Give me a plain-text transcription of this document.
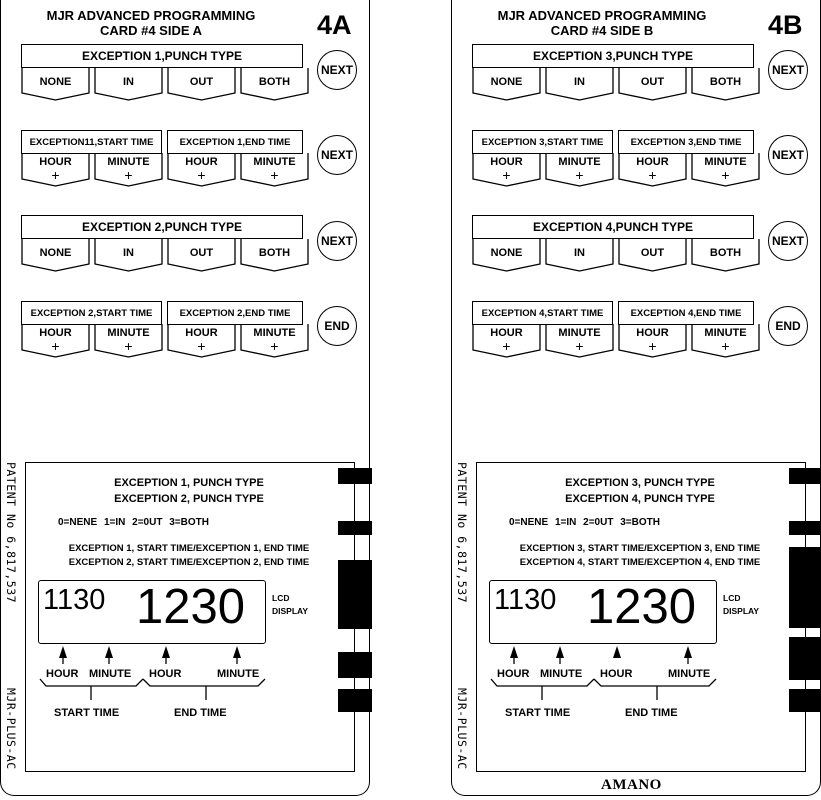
MJR ADVANCED PROGRAMMING
CARD #4 SIDE A	4A
EXCEPTION 1,PUNCH TYPE
NONE	IN	OUT	BOTH
NEXT
EXCEPTION11,START TIME	EXCEPTION 1,END TIME
HOUR
+
MINUTE
+
HOUR
+
MINUTE
+
NEXT
EXCEPTION 2,PUNCH TYPE
NONE	IN	OUT	BOTH
NEXT
EXCEPTION 2,START TIME	EXCEPTION 2,END TIME
HOUR
+
MINUTE
+
HOUR
+
MINUTE
+
END
PATENT No 6,817,537
MJR-PLUS-AC
EXCEPTION 1, PUNCH TYPE
EXCEPTION 2, PUNCH TYPE
0=NENE 1=IN 2=0UT 3=BOTH
EXCEPTION 1, START TIME/EXCEPTION 1, END TIME
EXCEPTION 2, START TIME/EXCEPTION 2, END TIME
1130 1230	LCD
DISPLAY
HOUR MINUTE HOUR	MINUTE
START TIME	END TIME
MJR ADVANCED PROGRAMMING
CARD #4 SIDE B	4B
EXCEPTION 3,PUNCH TYPE
NONE	IN	OUT	BOTH
NEXT
EXCEPTION 3,START TIME	EXCEPTION 3,END TIME
HOUR
+
MINUTE
+
HOUR
+
MINUTE
+
NEXT
EXCEPTION 4,PUNCH TYPE
NONE	IN	OUT	BOTH
NEXT
EXCEPTION 4,START TIME	EXCEPTION 4,END TIME
HOUR
+
MINUTE
+
HOUR
+
MINUTE
+
END
PATENT No 6,817,537
MJR-PLUS-AC
EXCEPTION 3, PUNCH TYPE
EXCEPTION 4, PUNCH TYPE
0=NENE 1=IN 2=0UT 3=BOTH
EXCEPTION 3, START TIME/EXCEPTION 3, END TIME
EXCEPTION 4, START TIME/EXCEPTION 4, END TIME
1130 1230	LCD
DISPLAY
HOUR MINUTE HOUR	MINUTE
START TIME	END TIME
AMANO
